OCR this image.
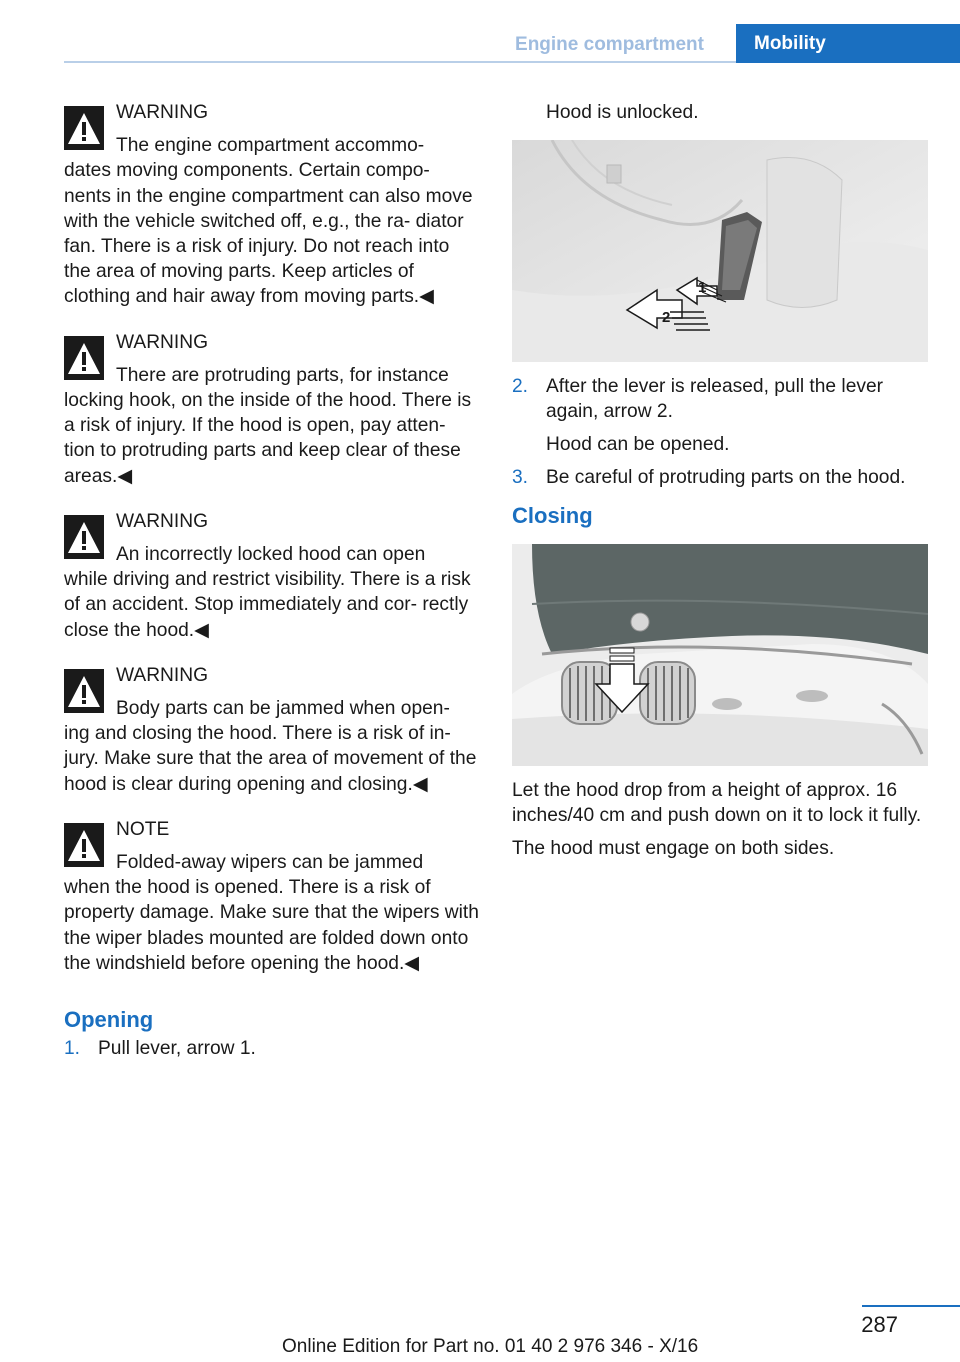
Engine compartment	Mobility
WARNING
The engine compartment accommo-
dates moving components. Certain compo- nents in the engine compartment can also move with the vehicle switched off, e.g., the ra- diator fan. There is a risk of injury. Do not reach into the area of moving parts. Keep articles of clothing and hair away from moving parts.◀
WARNING
There are protruding parts, for instance
locking hook, on the inside of the hood. There is a risk of injury. If the hood is open, pay atten- tion to protruding parts and keep clear of these areas.◀
WARNING
An incorrectly locked hood can open
while driving and restrict visibility. There is a risk of an accident. Stop immediately and cor- rectly close the hood.◀
WARNING
Body parts can be jammed when open-
ing and closing the hood. There is a risk of in- jury. Make sure that the area of movement of the hood is clear during opening and closing.◀
NOTE
Folded-away wipers can be jammed
when the hood is opened. There is a risk of property damage. Make sure that the wipers with the wiper blades mounted are folded down onto the windshield before opening the hood.◀
Opening
1. Pull lever, arrow 1.
Hood is unlocked.
2
1
2. After the lever is released, pull the lever again, arrow 2.
Hood can be opened.
3. Be careful of protruding parts on the hood.
Closing

Let the hood drop from a height of approx. 16 inches/40 cm and push down on it to lock it fully.

The hood must engage on both sides.

287
Online Edition for Part no. 01 40 2 976 346 - X/16
